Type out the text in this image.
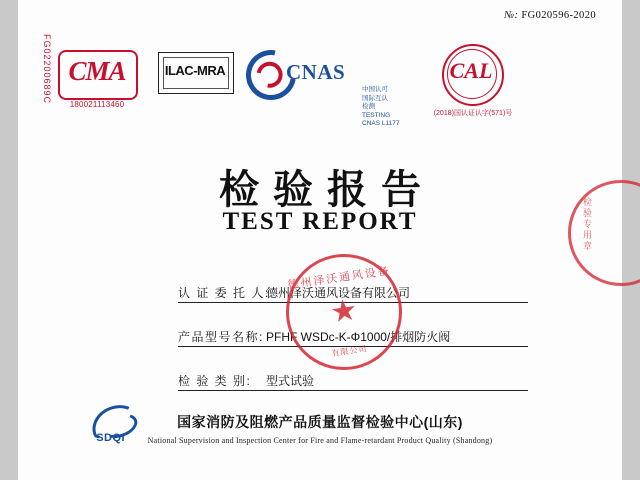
№: FG020596-2020
FG02200689C CMA
180021113460
ILAC-MRA	CNAS
中国认可
国际互认
检测
TESTING
CNAS L1177
CAL
(2018)国认证认字(571)号
检验报告
TEST REPORT	检验专用章
认 证 委 托 人:
德州泽沃通风设备有限公司
产品型号名称: PFHF WSDc-K-Φ1000/排烟防火阀
检 验 类 别: 型式试验
德州泽沃通风设备
★
有限公司
SDQI
国家消防及阻燃产品质量监督检验中心(山东)
National Supervision and Inspection Center for Fire and Flame-retardant Product Quality (Shandong)
